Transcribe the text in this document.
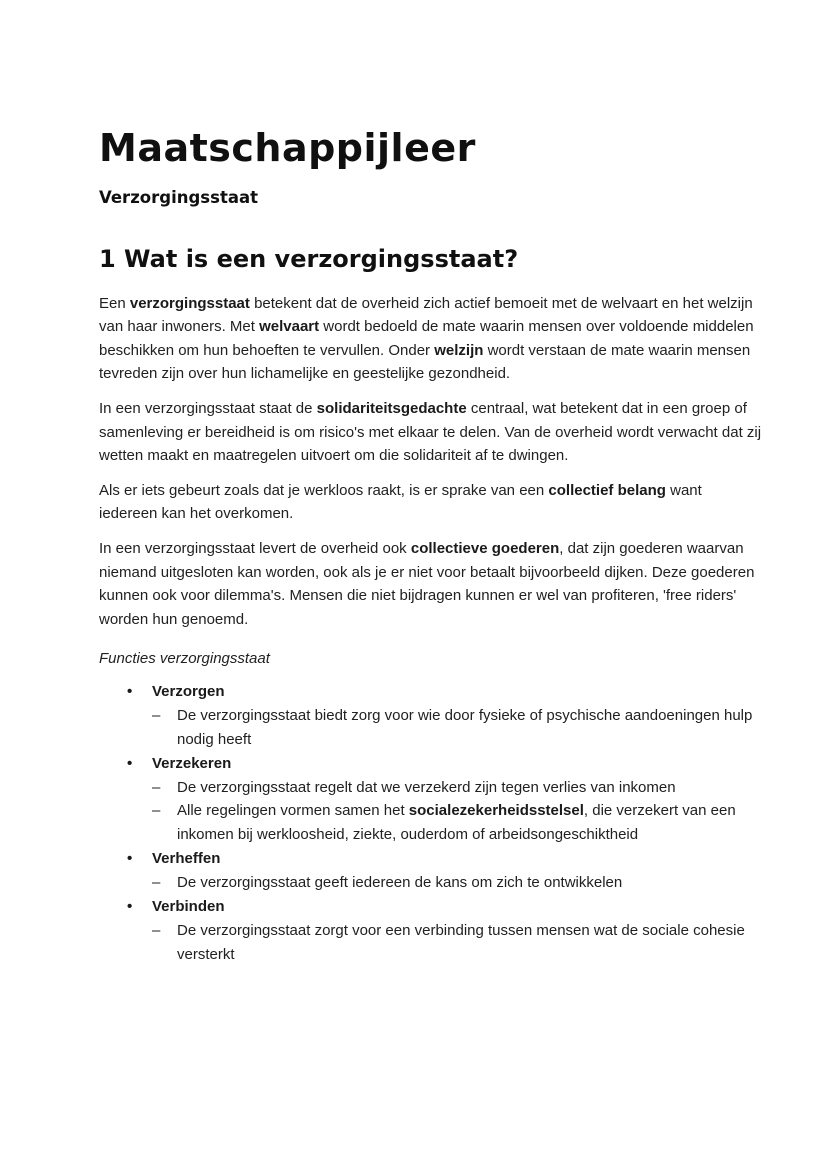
Maatschappijleer
Verzorgingsstaat
1 Wat is een verzorgingsstaat?

Een verzorgingsstaat betekent dat de overheid zich actief bemoeit met de welvaart en het welzijn van haar inwoners. Met welvaart wordt bedoeld de mate waarin mensen over voldoende middelen beschikken om hun behoeften te vervullen. Onder welzijn wordt verstaan de mate waarin mensen tevreden zijn over hun lichamelijke en geestelijke gezondheid.

In een verzorgingsstaat staat de solidariteitsgedachte centraal, wat betekent dat in een groep of samenleving er bereidheid is om risico's met elkaar te delen. Van de overheid wordt verwacht dat zij wetten maakt en maatregelen uitvoert om die solidariteit af te dwingen.

Als er iets gebeurt zoals dat je werkloos raakt, is er sprake van een collectief belang want iedereen kan het overkomen.

In een verzorgingsstaat levert de overheid ook collectieve goederen, dat zijn goederen waarvan niemand uitgesloten kan worden, ook als je er niet voor betaalt bijvoorbeeld dijken. Deze goederen kunnen ook voor dilemma's. Mensen die niet bijdragen kunnen er wel van profiteren, 'free riders' worden hun genoemd.

Functies verzorgingsstaat
• Verzorgen
– De verzorgingsstaat biedt zorg voor wie door fysieke of psychische aandoeningen hulp nodig heeft
• Verzekeren
– De verzorgingsstaat regelt dat we verzekerd zijn tegen verlies van inkomen
– Alle regelingen vormen samen het socialezekerheidsstelsel, die verzekert van een inkomen bij werkloosheid, ziekte, ouderdom of arbeidsongeschiktheid
• Verheffen
– De verzorgingsstaat geeft iedereen de kans om zich te ontwikkelen
• Verbinden
– De verzorgingsstaat zorgt voor een verbinding tussen mensen wat de sociale cohesie versterkt
